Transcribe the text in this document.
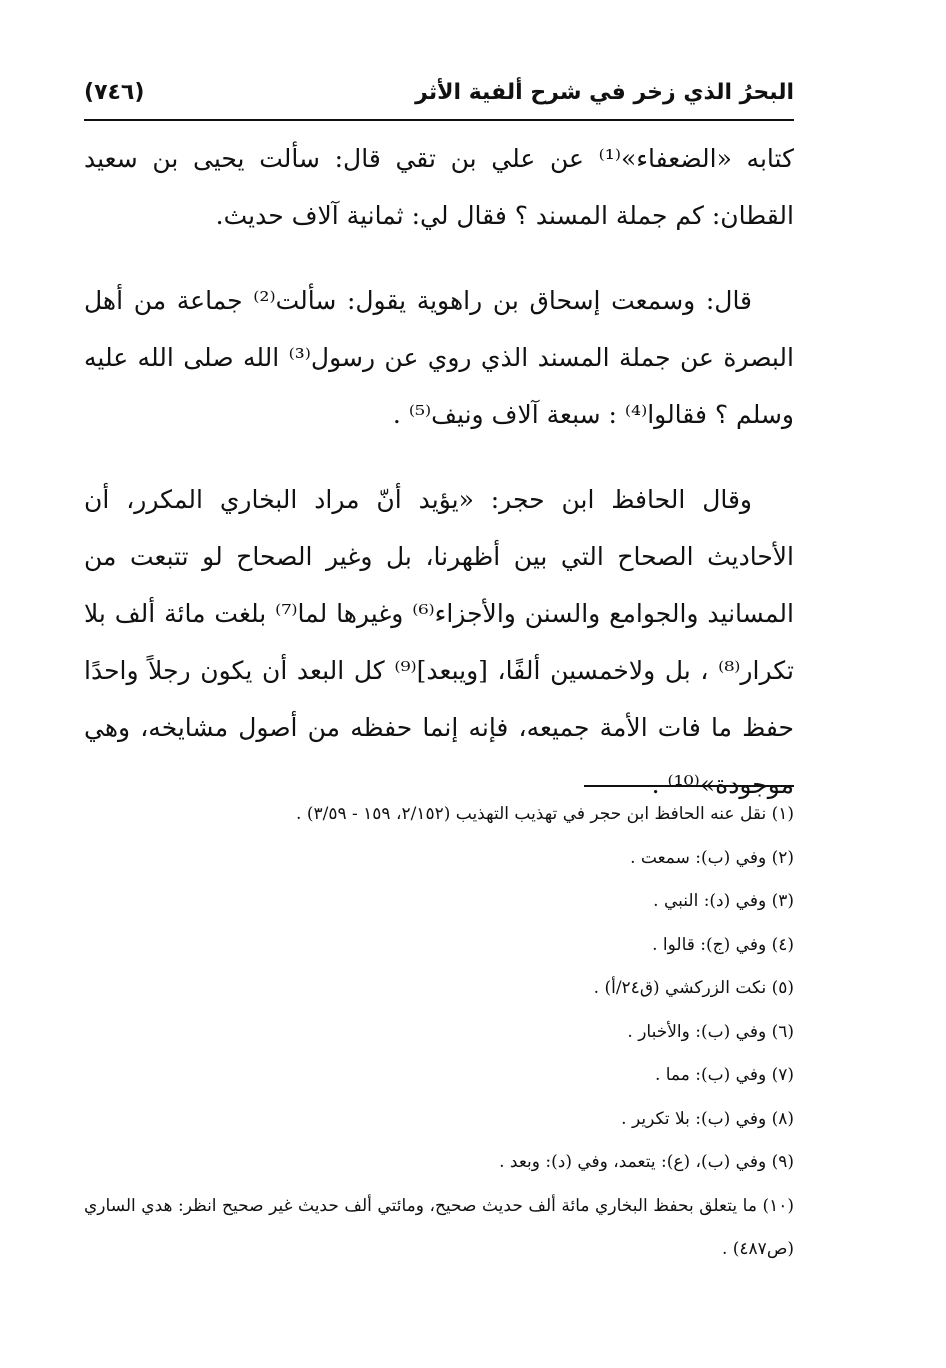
البحرُ الذي زخر في شرح ألفية الأثر
(٧٤٦)

كتابه «الضعفاء»⁽¹⁾ عن علي بن تقي قال: سألت يحيى بن سعيد القطان: كم جملة المسند ؟ فقال لي: ثمانية آلاف حديث.

قال: وسمعت إسحاق بن راهوية يقول: سألت⁽²⁾ جماعة من أهل البصرة عن جملة المسند الذي روي عن رسول⁽³⁾ الله صلى الله عليه وسلم ؟ فقالوا⁽⁴⁾ : سبعة آلاف ونيف⁽⁵⁾ .

وقال الحافظ ابن حجر: «يؤيد أنّ مراد البخاري المكرر، أن الأحاديث الصحاح التي بين أظهرنا، بل وغير الصحاح لو تتبعت من المسانيد والجوامع والسنن والأجزاء⁽⁶⁾ وغيرها لما⁽⁷⁾ بلغت مائة ألف بلا تكرار⁽⁸⁾ ، بل ولاخمسين ألفًا، [ويبعد]⁽⁹⁾ كل البعد أن يكون رجلاً واحدًا حفظ ما فات الأمة جميعه، فإنه إنما حفظه من أصول مشايخه، وهي موجودة»⁽¹⁰⁾ .

(١) نقل عنه الحافظ ابن حجر في تهذيب التهذيب (٢/١٥٢، ١٥٩ - ٣/٥٩) .

(٢) وفي (ب): سمعت .

(٣) وفي (د): النبي .

(٤) وفي (ج): قالوا .

(٥) نكت الزركشي (ق٢٤/أ) .

(٦) وفي (ب): والأخبار .

(٧) وفي (ب): مما .

(٨) وفي (ب): بلا تكرير .

(٩) وفي (ب)، (ع): يتعمد، وفي (د): وبعد .

(١٠) ما يتعلق بحفظ البخاري مائة ألف حديث صحيح، ومائتي ألف حديث غير صحيح انظر: هدي الساري (ص٤٨٧) .
